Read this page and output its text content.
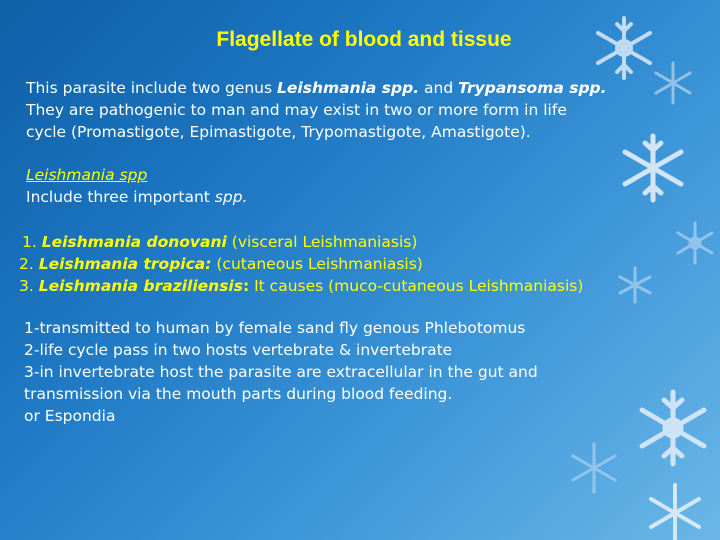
Flagellate of blood and tissue
This parasite include two genus Leishmania spp. and Trypansoma spp.
They are pathogenic to man and may exist in two or more form in life
cycle (Promastigote, Epimastigote, Trypomastigote, Amastigote).
Leishmania spp
Include three important spp.
1. Leishmania donovani (visceral Leishmaniasis)
2. Leishmania tropica: (cutaneous Leishmaniasis)
3. Leishmania braziliensis: It causes (muco-cutaneous Leishmaniasis)
1-transmitted to human by female sand fly genous Phlebotomus
2-life cycle pass in two hosts vertebrate & invertebrate
3-in invertebrate host the parasite are extracellular in the gut and
transmission via the mouth parts during blood feeding.
or Espondia
